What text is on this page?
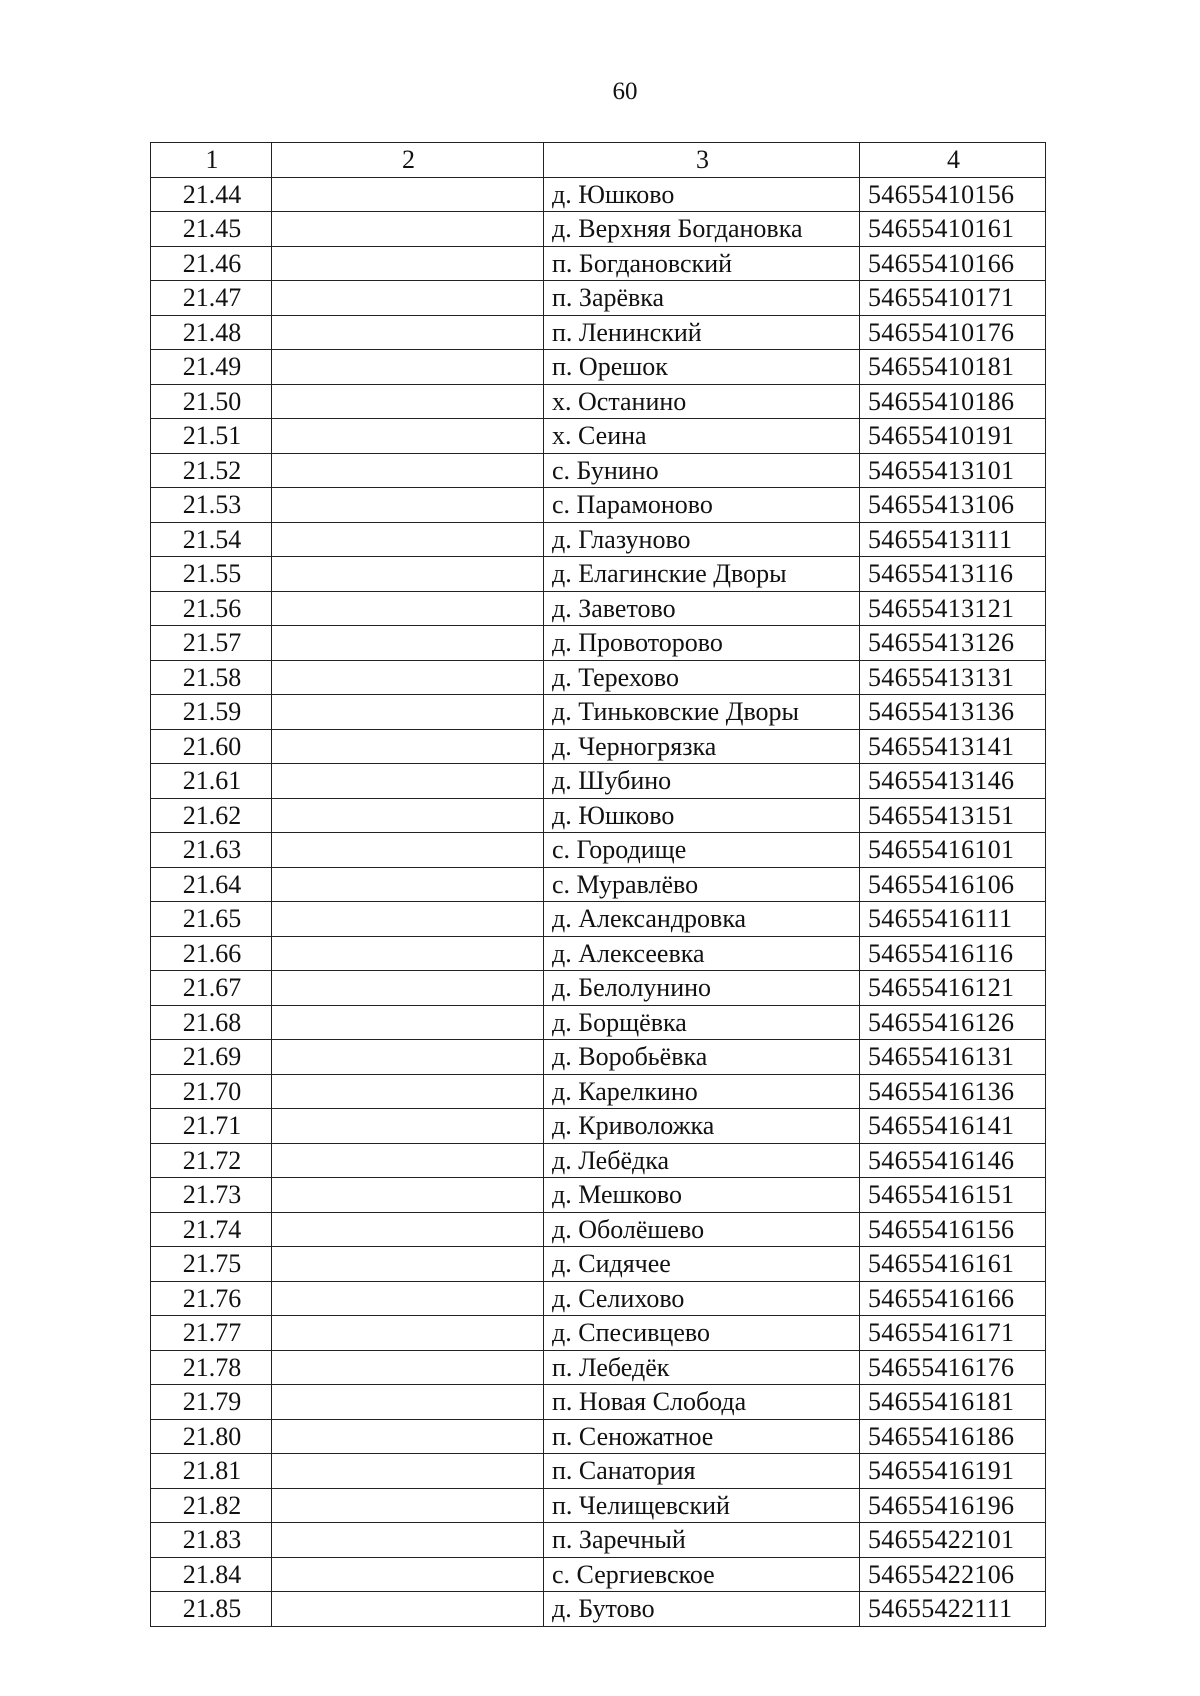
60
1	2	3	4
21.44		д. Юшково	54655410156
21.45		д. Верхняя Богдановка	54655410161
21.46		п. Богдановский	54655410166
21.47		п. Зарёвка	54655410171
21.48		п. Ленинский	54655410176
21.49		п. Орешок	54655410181
21.50		х. Останино	54655410186
21.51		х. Сеина	54655410191
21.52		с. Бунино	54655413101
21.53		с. Парамоново	54655413106
21.54		д. Глазуново	54655413111
21.55		д. Елагинские Дворы	54655413116
21.56		д. Заветово	54655413121
21.57		д. Провоторово	54655413126
21.58		д. Терехово	54655413131
21.59		д. Тиньковские Дворы	54655413136
21.60		д. Черногрязка	54655413141
21.61		д. Шубино	54655413146
21.62		д. Юшково	54655413151
21.63		с. Городище	54655416101
21.64		с. Муравлёво	54655416106
21.65		д. Александровка	54655416111
21.66		д. Алексеевка	54655416116
21.67		д. Белолунино	54655416121
21.68		д. Борщёвка	54655416126
21.69		д. Воробьёвка	54655416131
21.70		д. Карелкино	54655416136
21.71		д. Криволожка	54655416141
21.72		д. Лебёдка	54655416146
21.73		д. Мешково	54655416151
21.74		д. Оболёшево	54655416156
21.75		д. Сидячее	54655416161
21.76		д. Селихово	54655416166
21.77		д. Спесивцево	54655416171
21.78		п. Лебедёк	54655416176
21.79		п. Новая Слобода	54655416181
21.80		п. Сеножатное	54655416186
21.81		п. Санатория	54655416191
21.82		п. Челищевский	54655416196
21.83		п. Заречный	54655422101
21.84		с. Сергиевское	54655422106
21.85		д. Бутово	54655422111
